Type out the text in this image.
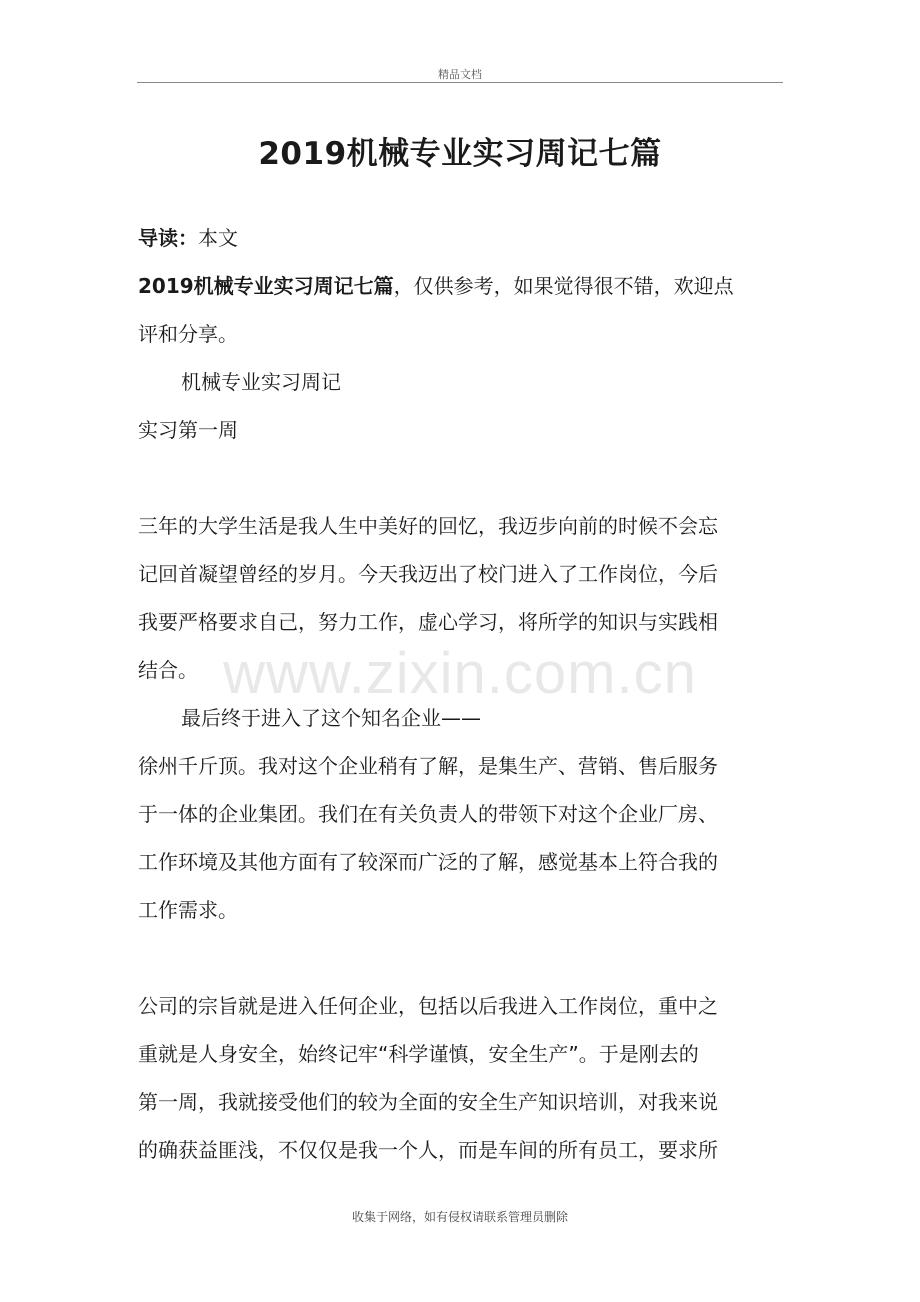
精品文档
2019机械专业实习周记七篇
导读：本文
2019机械专业实习周记七篇，仅供参考，如果觉得很不错，欢迎点
评和分享。
机械专业实习周记
实习第一周
三年的大学生活是我人生中美好的回忆，我迈步向前的时候不会忘
记回首凝望曾经的岁月。今天我迈出了校门进入了工作岗位，今后
我要严格要求自己，努力工作，虚心学习，将所学的知识与实践相
结合。
最后终于进入了这个知名企业——
徐州千斤顶。我对这个企业稍有了解，是集生产、营销、售后服务
于一体的企业集团。我们在有关负责人的带领下对这个企业厂房、
工作环境及其他方面有了较深而广泛的了解，感觉基本上符合我的
工作需求。
公司的宗旨就是进入任何企业，包括以后我进入工作岗位，重中之
重就是人身安全，始终记牢“科学谨慎，安全生产”。于是刚去的
第一周，我就接受他们的较为全面的安全生产知识培训，对我来说
的确获益匪浅，不仅仅是我一个人，而是车间的所有员工，要求所
www.zixin.com.cn
收集于网络，如有侵权请联系管理员删除
